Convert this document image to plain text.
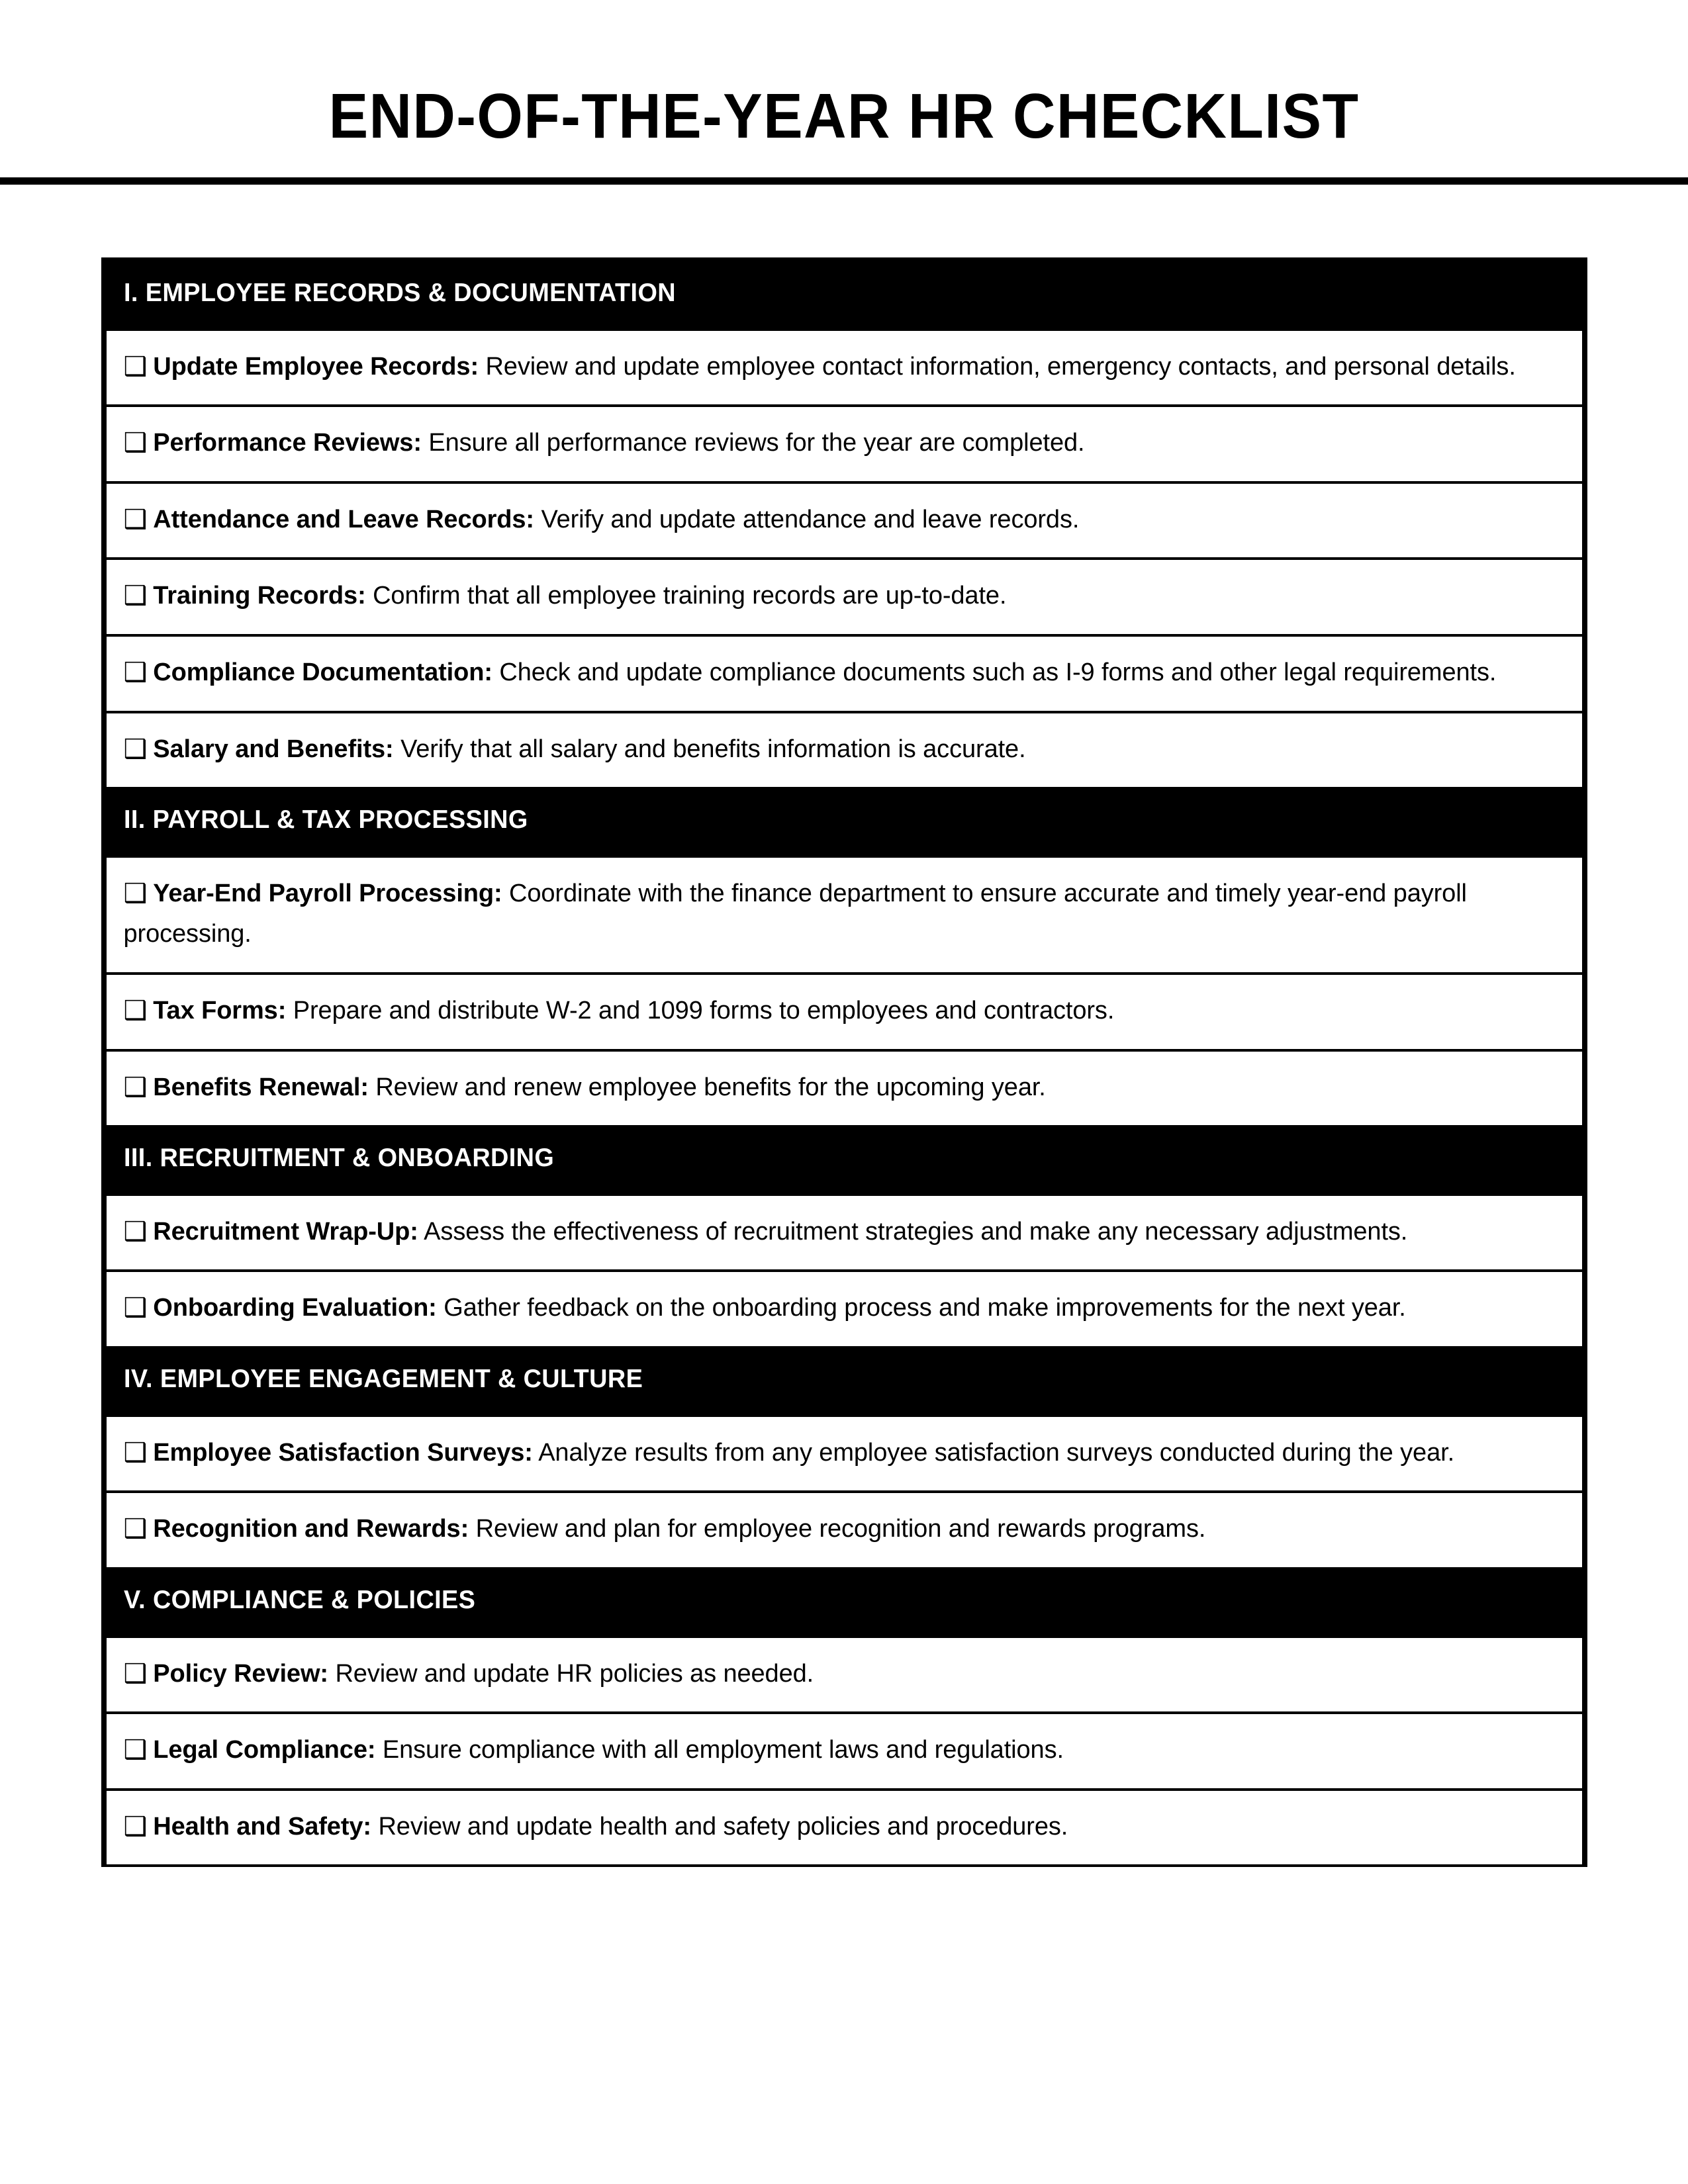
END-OF-THE-YEAR HR CHECKLIST
I. EMPLOYEE RECORDS & DOCUMENTATION
❑ Update Employee Records: Review and update employee contact information, emergency contacts, and personal details.
❑ Performance Reviews: Ensure all performance reviews for the year are completed.
❑ Attendance and Leave Records: Verify and update attendance and leave records.
❑ Training Records: Confirm that all employee training records are up-to-date.
❑ Compliance Documentation: Check and update compliance documents such as I-9 forms and other legal requirements.
❑ Salary and Benefits: Verify that all salary and benefits information is accurate.
II. PAYROLL & TAX PROCESSING
❑ Year-End Payroll Processing: Coordinate with the finance department to ensure accurate and timely year-end payroll processing.
❑ Tax Forms: Prepare and distribute W-2 and 1099 forms to employees and contractors.
❑ Benefits Renewal: Review and renew employee benefits for the upcoming year.
III. RECRUITMENT & ONBOARDING
❑ Recruitment Wrap-Up: Assess the effectiveness of recruitment strategies and make any necessary adjustments.
❑ Onboarding Evaluation: Gather feedback on the onboarding process and make improvements for the next year.
IV. EMPLOYEE ENGAGEMENT & CULTURE
❑ Employee Satisfaction Surveys: Analyze results from any employee satisfaction surveys conducted during the year.
❑ Recognition and Rewards: Review and plan for employee recognition and rewards programs.
V. COMPLIANCE & POLICIES
❑ Policy Review: Review and update HR policies as needed.
❑ Legal Compliance: Ensure compliance with all employment laws and regulations.
❑ Health and Safety: Review and update health and safety policies and procedures.
